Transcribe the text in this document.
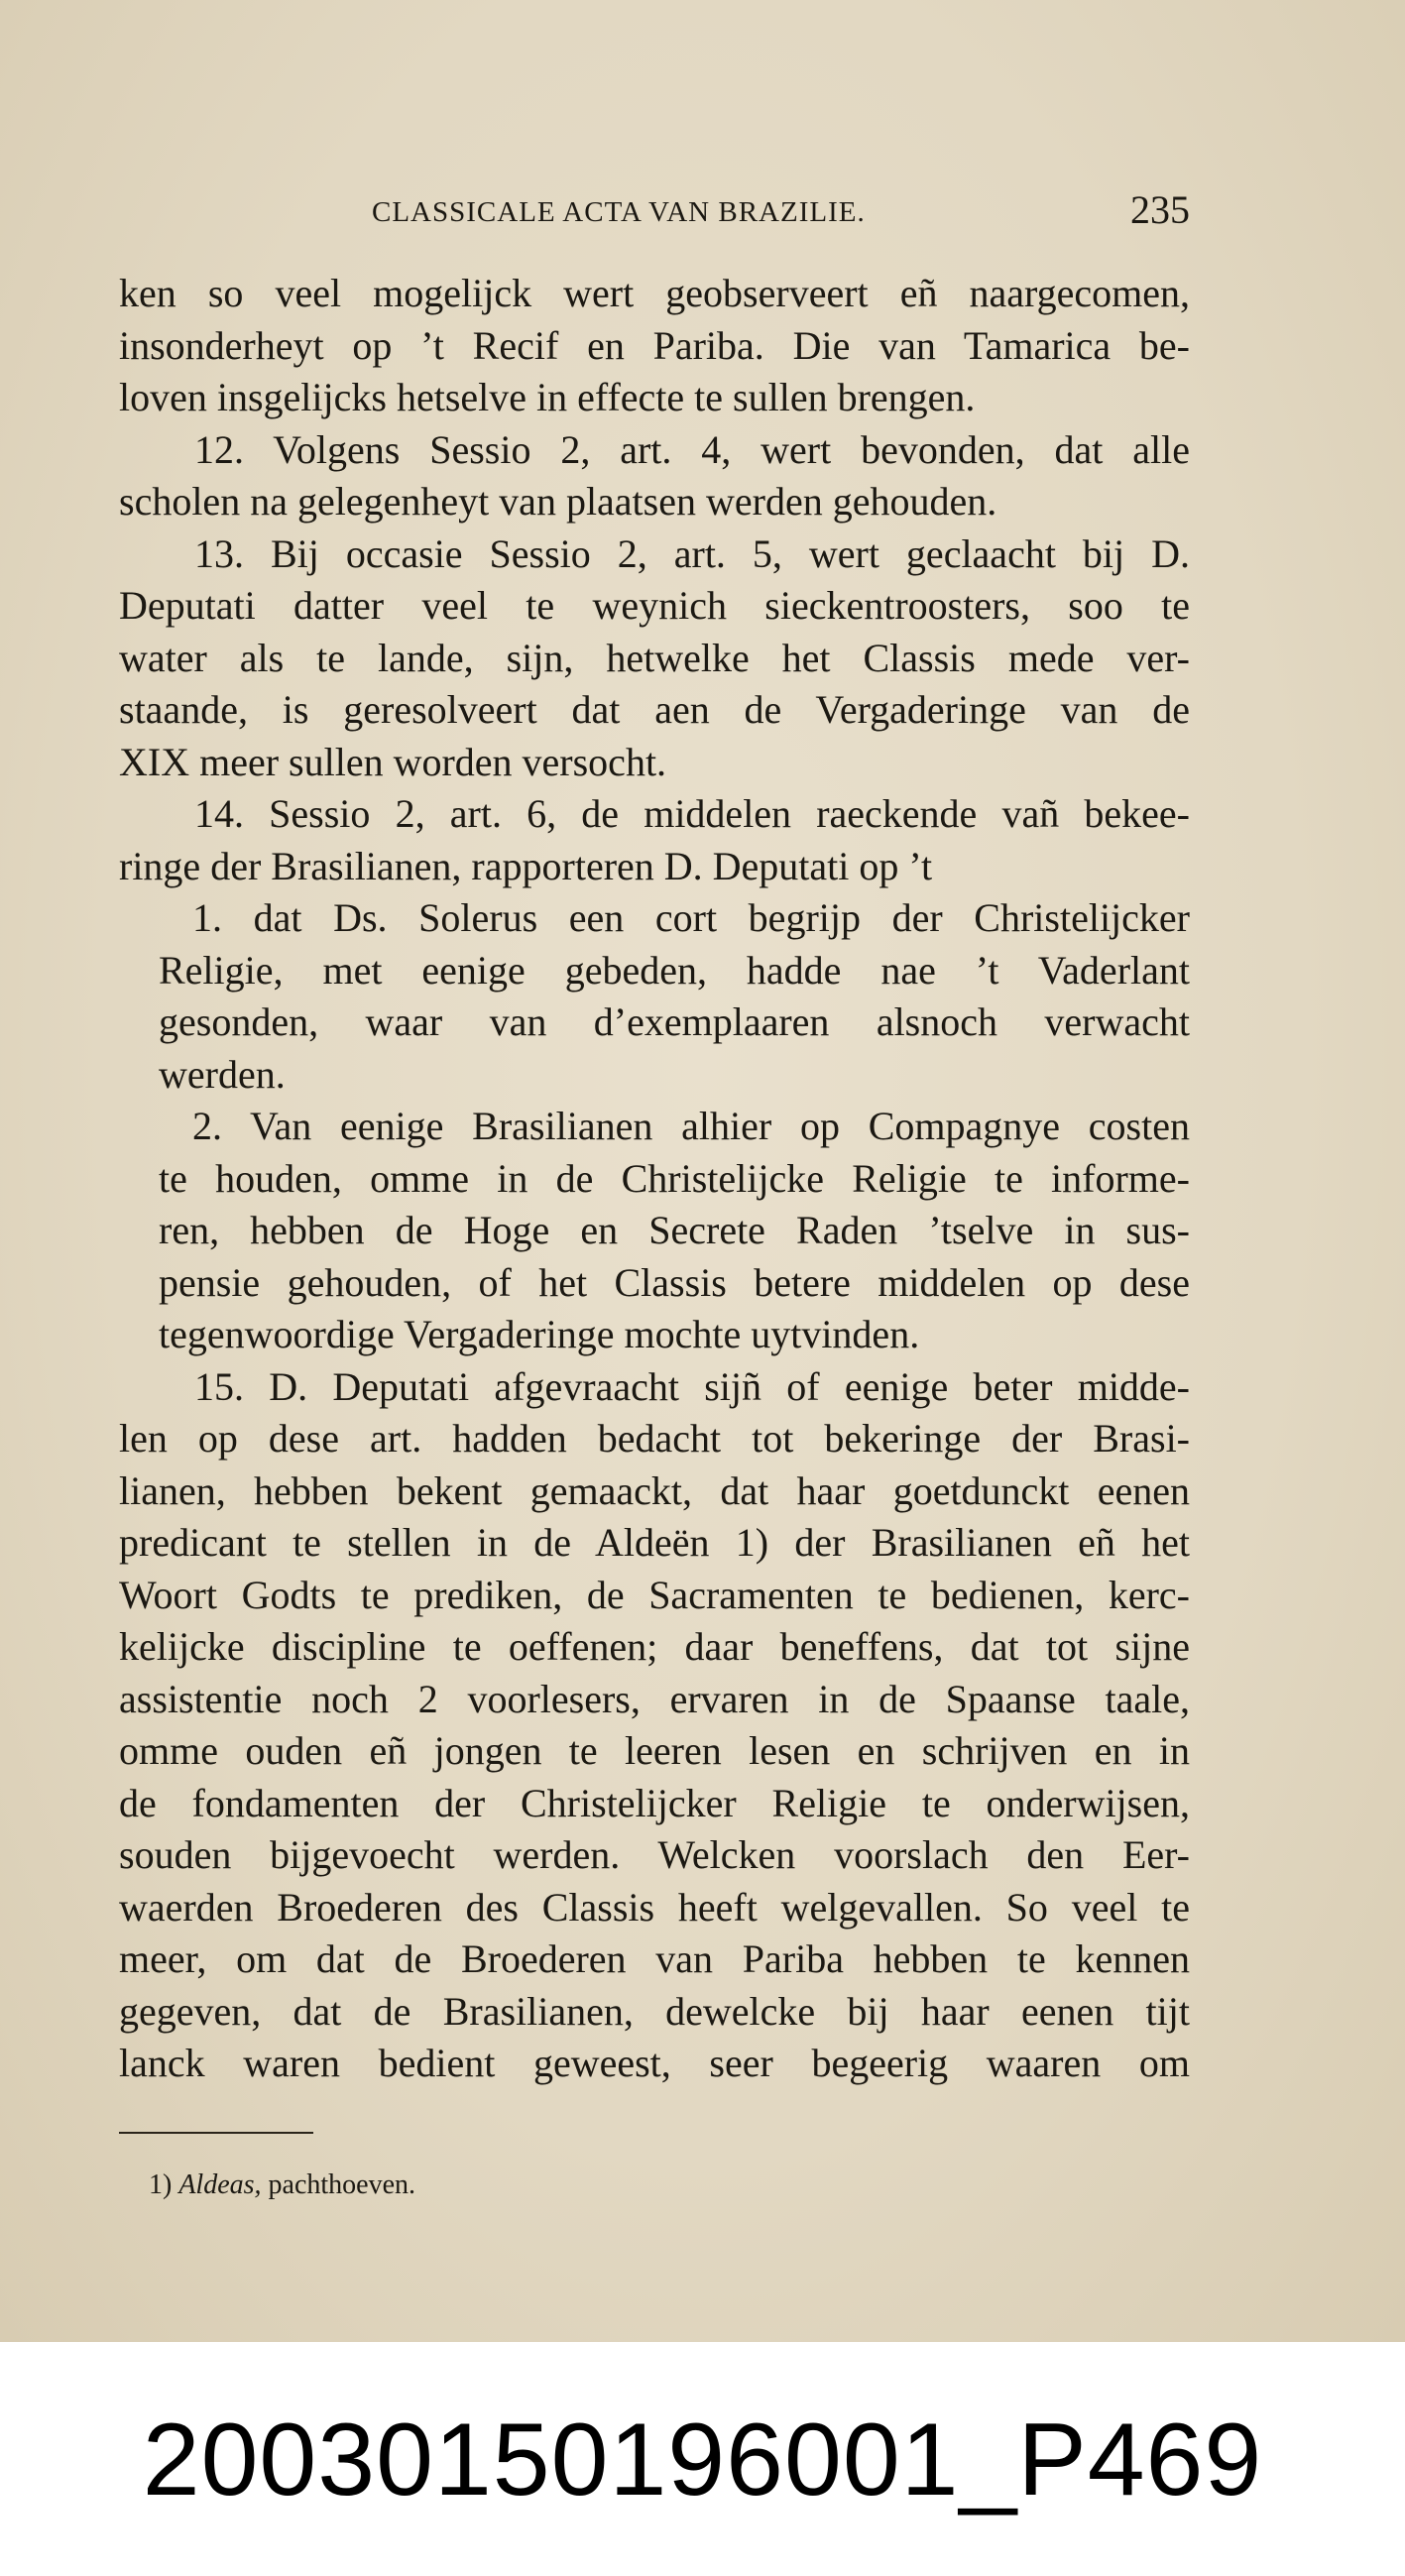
CLASSICALE ACTA VAN BRAZILIE.	235
ken so veel mogelijck wert geobserveert eñ naargecomen,
insonderheyt op ’t Recif en Pariba. Die van Tamarica be-
loven insgelijcks hetselve in effecte te sullen brengen.
12. Volgens Sessio 2, art. 4, wert bevonden, dat alle
scholen na gelegenheyt van plaatsen werden gehouden.
13. Bij occasie Sessio 2, art. 5, wert geclaacht bij D.
Deputati datter veel te weynich sieckentroosters, soo te
water als te lande, sijn, hetwelke het Classis mede ver-
staande, is geresolveert dat aen de Vergaderinge van de
XIX meer sullen worden versocht.
14. Sessio 2, art. 6, de middelen raeckende vañ bekee-
ringe der Brasilianen, rapporteren D. Deputati op ’t
1. dat Ds. Solerus een cort begrijp der Christelijcker
Religie, met eenige gebeden, hadde nae ’t Vaderlant
gesonden, waar van d’exemplaaren alsnoch verwacht
werden.
2. Van eenige Brasilianen alhier op Compagnye costen
te houden, omme in de Christelijcke Religie te informe-
ren, hebben de Hoge en Secrete Raden ’tselve in sus-
pensie gehouden, of het Classis betere middelen op dese
tegenwoordige Vergaderinge mochte uytvinden.
15. D. Deputati afgevraacht sijñ of eenige beter midde-
len op dese art. hadden bedacht tot bekeringe der Brasi-
lianen, hebben bekent gemaackt, dat haar goetdunckt eenen
predicant te stellen in de Aldeën 1) der Brasilianen eñ het
Woort Godts te prediken, de Sacramenten te bedienen, kerc-
kelijcke discipline te oeffenen; daar beneffens, dat tot sijne
assistentie noch 2 voorlesers, ervaren in de Spaanse taale,
omme ouden eñ jongen te leeren lesen en schrijven en in
de fondamenten der Christelijcker Religie te onderwijsen,
souden bijgevoecht werden. Welcken voorslach den Eer-
waerden Broederen des Classis heeft welgevallen. So veel te
meer, om dat de Broederen van Pariba hebben te kennen
gegeven, dat de Brasilianen, dewelcke bij haar eenen tijt
lanck waren bedient geweest, seer begeerig waaren om
1) Aldeas, pachthoeven.
20030150196001_P469
